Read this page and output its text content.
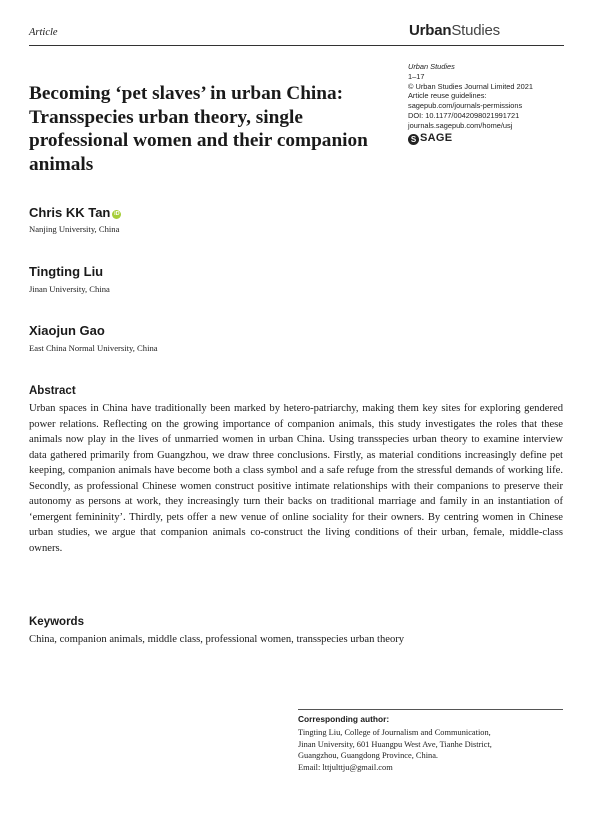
Article	UrbanStudies
Urban Studies
1–17
© Urban Studies Journal Limited 2021
Article reuse guidelines:
sagepub.com/journals-permissions
DOI: 10.1177/0042098021991721
journals.sagepub.com/home/usj
S SAGE
Becoming ‘pet slaves’ in urban China: Transspecies urban theory, single professional women and their companion animals
Chris KK Tan iD
Nanjing University, China
Tingting Liu
Jinan University, China
Xiaojun Gao
East China Normal University, China
Abstract

Urban spaces in China have traditionally been marked by hetero-patriarchy, making them key sites for exploring gendered power relations. Reflecting on the growing importance of companion animals, this study investigates the roles that these animals now play in the lives of unmarried women in urban China. Using transspecies urban theory to examine interview data gathered primarily from Guangzhou, we draw three conclusions. Firstly, as material conditions increasingly define pet keeping, companion animals have become both a class symbol and a safe refuge from the stressful demands of working life. Secondly, as professional Chinese women construct positive intimate relationships with their companions to preserve their autonomy as persons at work, they increasingly turn their backs on traditional marriage and family in an instantiation of ‘emergent femininity’. Thirdly, pets offer a new venue of online sociality for their owners. By centring women in Chinese urban studies, we argue that companion animals co-construct the living conditions of their urban, female, middle-class owners.

Keywords

China, companion animals, middle class, professional women, transspecies urban theory

Corresponding author:
Tingting Liu, College of Journalism and Communication,
Jinan University, 601 Huangpu West Ave, Tianhe District,
Guangzhou, Guangdong Province, China.
Email: lttjulttju@gmail.com
